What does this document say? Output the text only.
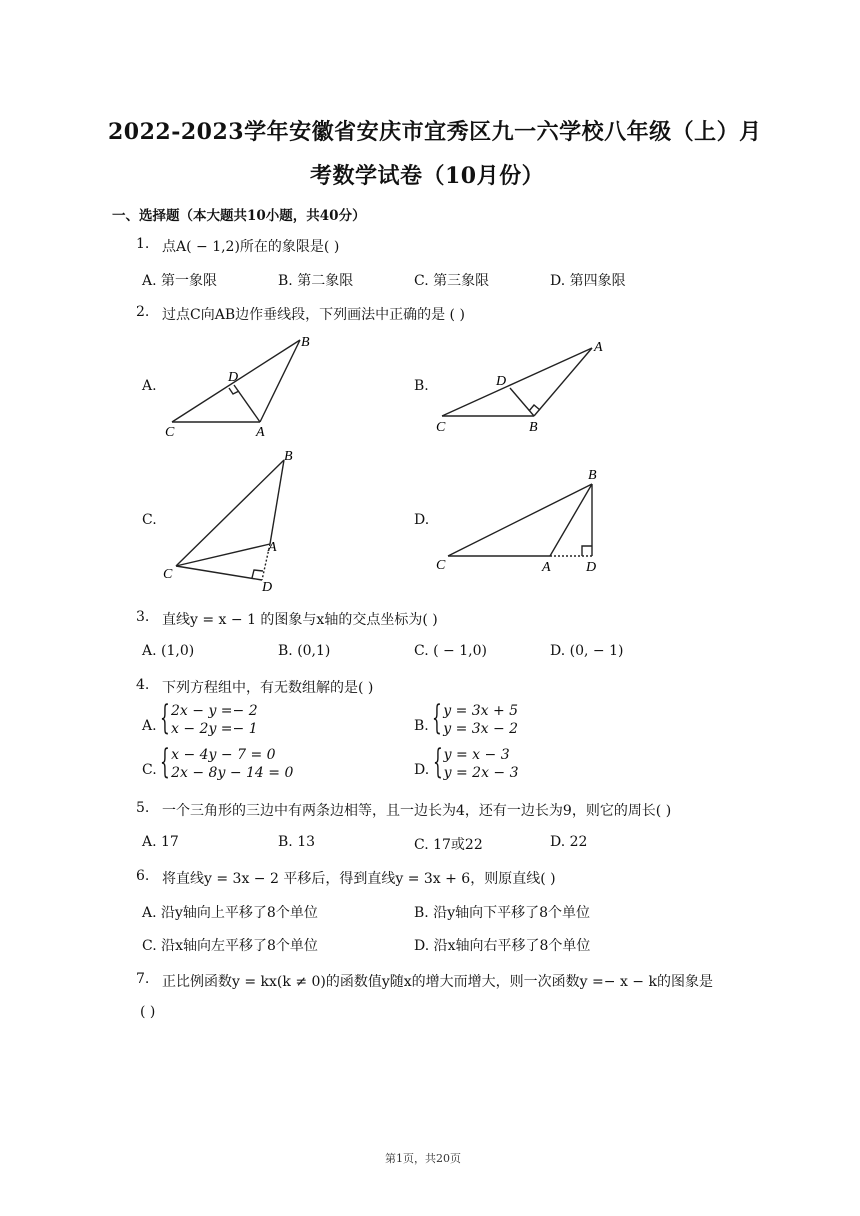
2022-2023学年安徽省安庆市宜秀区九一六学校八年级（上）月
考数学试卷（10月份）
一、选择题（本大题共10小题，共40分）
1. 点A( − 1,2)所在的象限是( )
A. 第一象限	B. 第二象限	C. 第三象限	D. 第四象限
2. 过点C向AB边作垂线段，下列画法中正确的是 ( )
A.
B
D
C	A
B.
A
D
C	B
C.
B
A
C
D
D.
B
C	A	D
3. 直线y = x − 1 的图象与x轴的交点坐标为( )
A. (1,0)	B. (0,1)	C. ( − 1,0)	D. (0, − 1)
4. 下列方程组中，有无数组解的是( )
A. { 2x − y =− 2
x − 2y =− 1	B. { y = 3x + 5
y = 3x − 2
C. { x − 4y − 7 = 0
2x − 8y − 14 = 0	D. { y = x − 3
y = 2x − 3
5. 一个三角形的三边中有两条边相等，且一边长为4，还有一边长为9，则它的周长( )
A. 17	B. 13	C. 17或22	D. 22
6. 将直线y = 3x − 2 平移后，得到直线y = 3x + 6，则原直线( )
A. 沿y轴向上平移了8个单位	B. 沿y轴向下平移了8个单位
C. 沿x轴向左平移了8个单位	D. 沿x轴向右平移了8个单位
7. 正比例函数y = kx(k ≠ 0)的函数值y随x的增大而增大，则一次函数y =− x − k的图象是
( )
第1页，共20页
